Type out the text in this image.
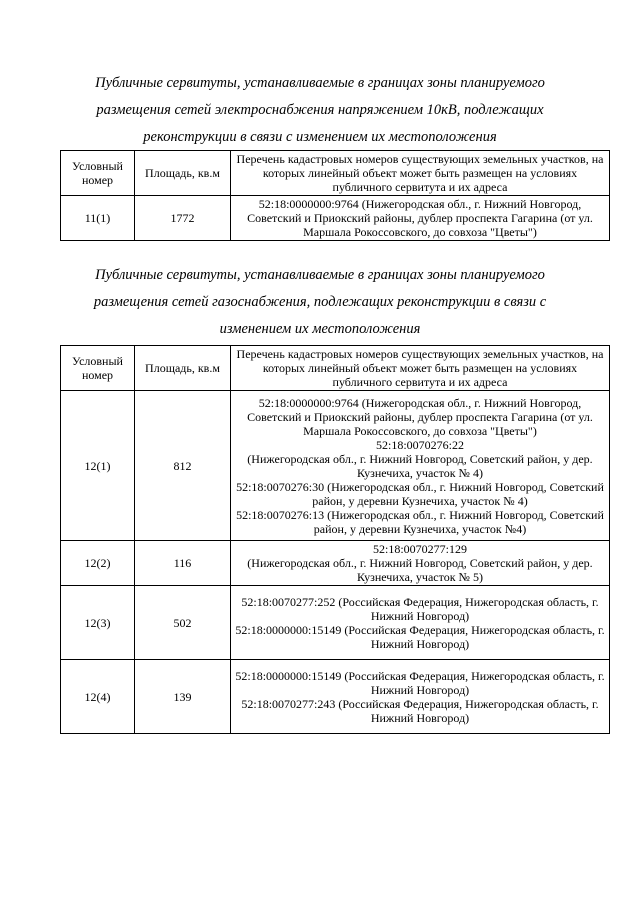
Публичные сервитуты, устанавливаемые в границах зоны планируемого
размещения сетей электроснабжения напряжением 10кВ, подлежащих
реконструкции в связи с изменением их местоположения
Условный номер	Площадь, кв.м	Перечень кадастровых номеров существующих земельных участков, на которых линейный объект может быть размещен на условиях публичного сервитута и их адреса
11(1)	1772	52:18:0000000:9764 (Нижегородская обл., г. Нижний Новгород, Советский и Приокский районы, дублер проспекта Гагарина (от ул. Маршала Рокоссовского, до совхоза "Цветы")
Публичные сервитуты, устанавливаемые в границах зоны планируемого
размещения сетей газоснабжения, подлежащих реконструкции в связи с
изменением их местоположения
Условный номер	Площадь, кв.м	Перечень кадастровых номеров существующих земельных участков, на которых линейный объект может быть размещен на условиях публичного сервитута и их адреса
12(1)	812	52:18:0000000:9764 (Нижегородская обл., г. Нижний Новгород, Советский и Приокский районы, дублер проспекта Гагарина (от ул. Маршала Рокоссовского, до совхоза "Цветы")
52:18:0070276:22
(Нижегородская обл., г. Нижний Новгород, Советский район, у дер. Кузнечиха, участок № 4)
52:18:0070276:30 (Нижегородская обл., г. Нижний Новгород, Советский район, у деревни Кузнечиха, участок № 4)
52:18:0070276:13 (Нижегородская обл., г. Нижний Новгород, Советский район, у деревни Кузнечиха, участок №4)

12(2)	116	52:18:0070277:129
(Нижегородская обл., г. Нижний Новгород, Советский район, у дер. Кузнечиха, участок № 5)

12(3)	502	52:18:0070277:252 (Российская Федерация, Нижегородская область, г. Нижний Новгород)
52:18:0000000:15149 (Российская Федерация, Нижегородская область, г. Нижний Новгород)

12(4)	139	52:18:0000000:15149 (Российская Федерация, Нижегородская область, г. Нижний Новгород)
52:18:0070277:243 (Российская Федерация, Нижегородская область, г. Нижний Новгород)
